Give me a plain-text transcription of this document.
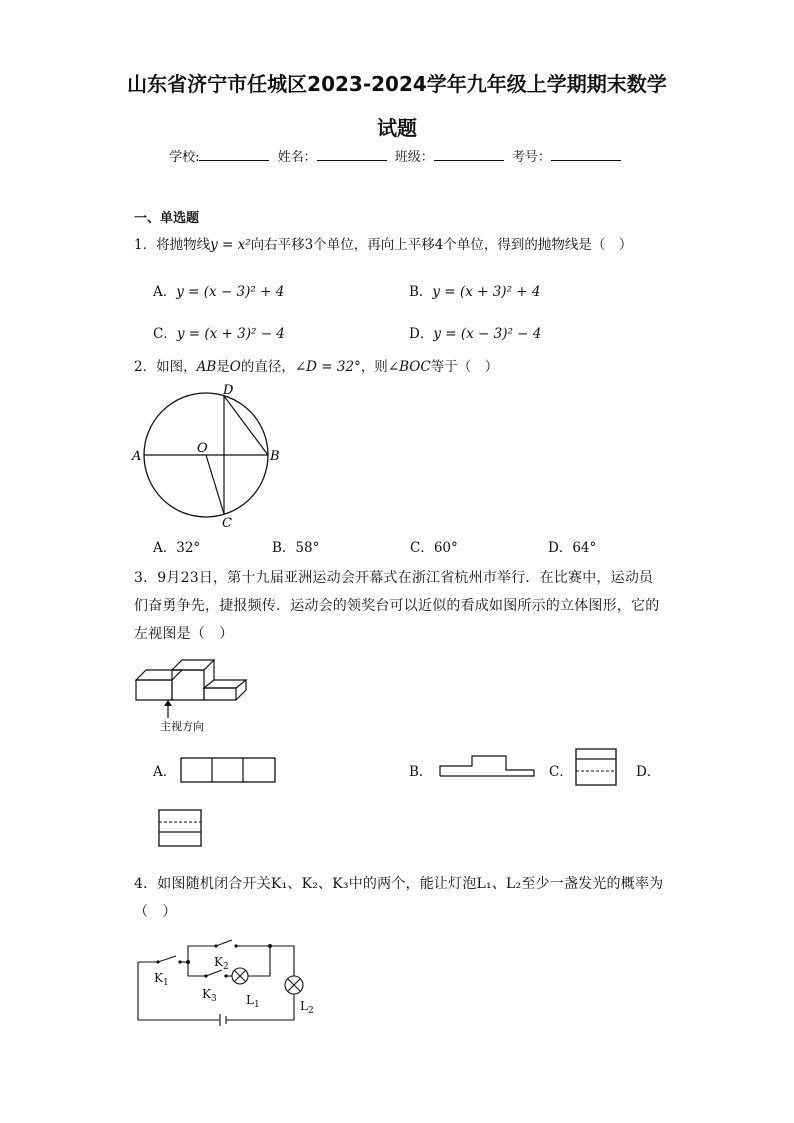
山东省济宁市任城区2023-2024学年九年级上学期期末数学
试题
学校:	姓名：	班级：	考号：
一、单选题
1．将抛物线y = x²向右平移3个单位，再向上平移4个单位，得到的抛物线是（　）
A．y = (x − 3)² + 4	B．y = (x + 3)² + 4
C．y = (x + 3)² − 4	D．y = (x − 3)² − 4
2．如图，AB是O的直径，∠D = 32°，则∠BOC等于（　）
A	B
C
D
O
A．32°	B．58°	C．60°	D．64°
3．9月23日，第十九届亚洲运动会开幕式在浙江省杭州市举行．在比赛中，运动员们奋勇争先，捷报频传．运动会的领奖台可以近似的看成如图所示的立体图形，它的左视图是（　）
主视方向
A．	B．	C．	D．
4．如图随机闭合开关K₁、K₂、K₃中的两个，能让灯泡L₁、L₂至少一盏发光的概率为（　）
$K_1$
$K_2$
$K_3$ $L_1$	$L_2$
